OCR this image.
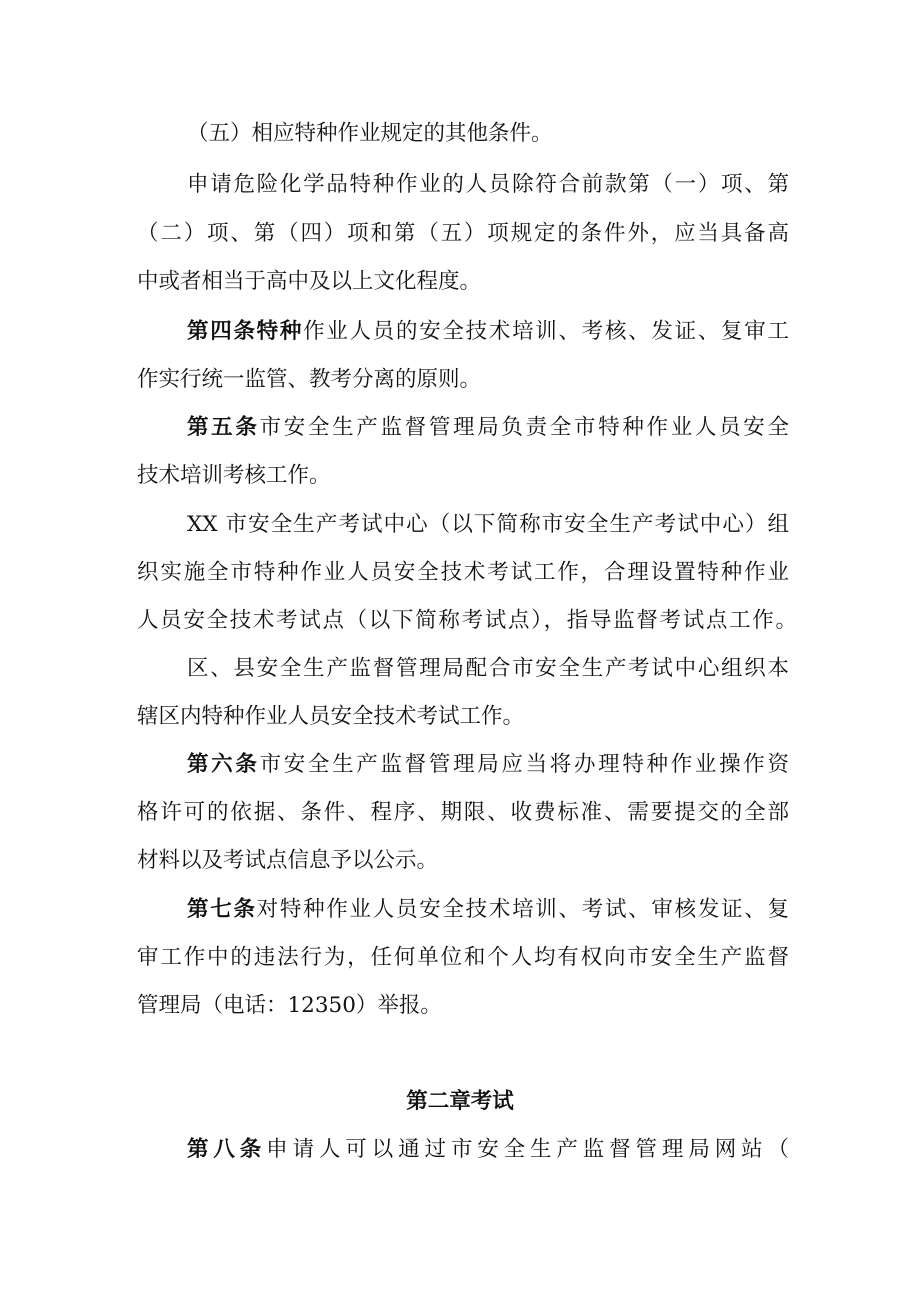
（五）相应特种作业规定的其他条件。
申请危险化学品特种作业的人员除符合前款第（一）项、第
（二）项、第（四）项和第（五）项规定的条件外，应当具备高
中或者相当于高中及以上文化程度。
第四条特种作业人员的安全技术培训、考核、发证、复审工
作实行统一监管、教考分离的原则。
第五条市安全生产监督管理局负责全市特种作业人员安全
技术培训考核工作。
XX 市安全生产考试中心（以下简称市安全生产考试中心）组
织实施全市特种作业人员安全技术考试工作，合理设置特种作业
人员安全技术考试点（以下简称考试点），指导监督考试点工作。
区、县安全生产监督管理局配合市安全生产考试中心组织本
辖区内特种作业人员安全技术考试工作。
第六条市安全生产监督管理局应当将办理特种作业操作资
格许可的依据、条件、程序、期限、收费标准、需要提交的全部
材料以及考试点信息予以公示。
第七条对特种作业人员安全技术培训、考试、审核发证、复
审工作中的违法行为，任何单位和个人均有权向市安全生产监督
管理局（电话：12350）举报。
第二章考试
第八条申请人可以通过市安全生产监督管理局网站（
